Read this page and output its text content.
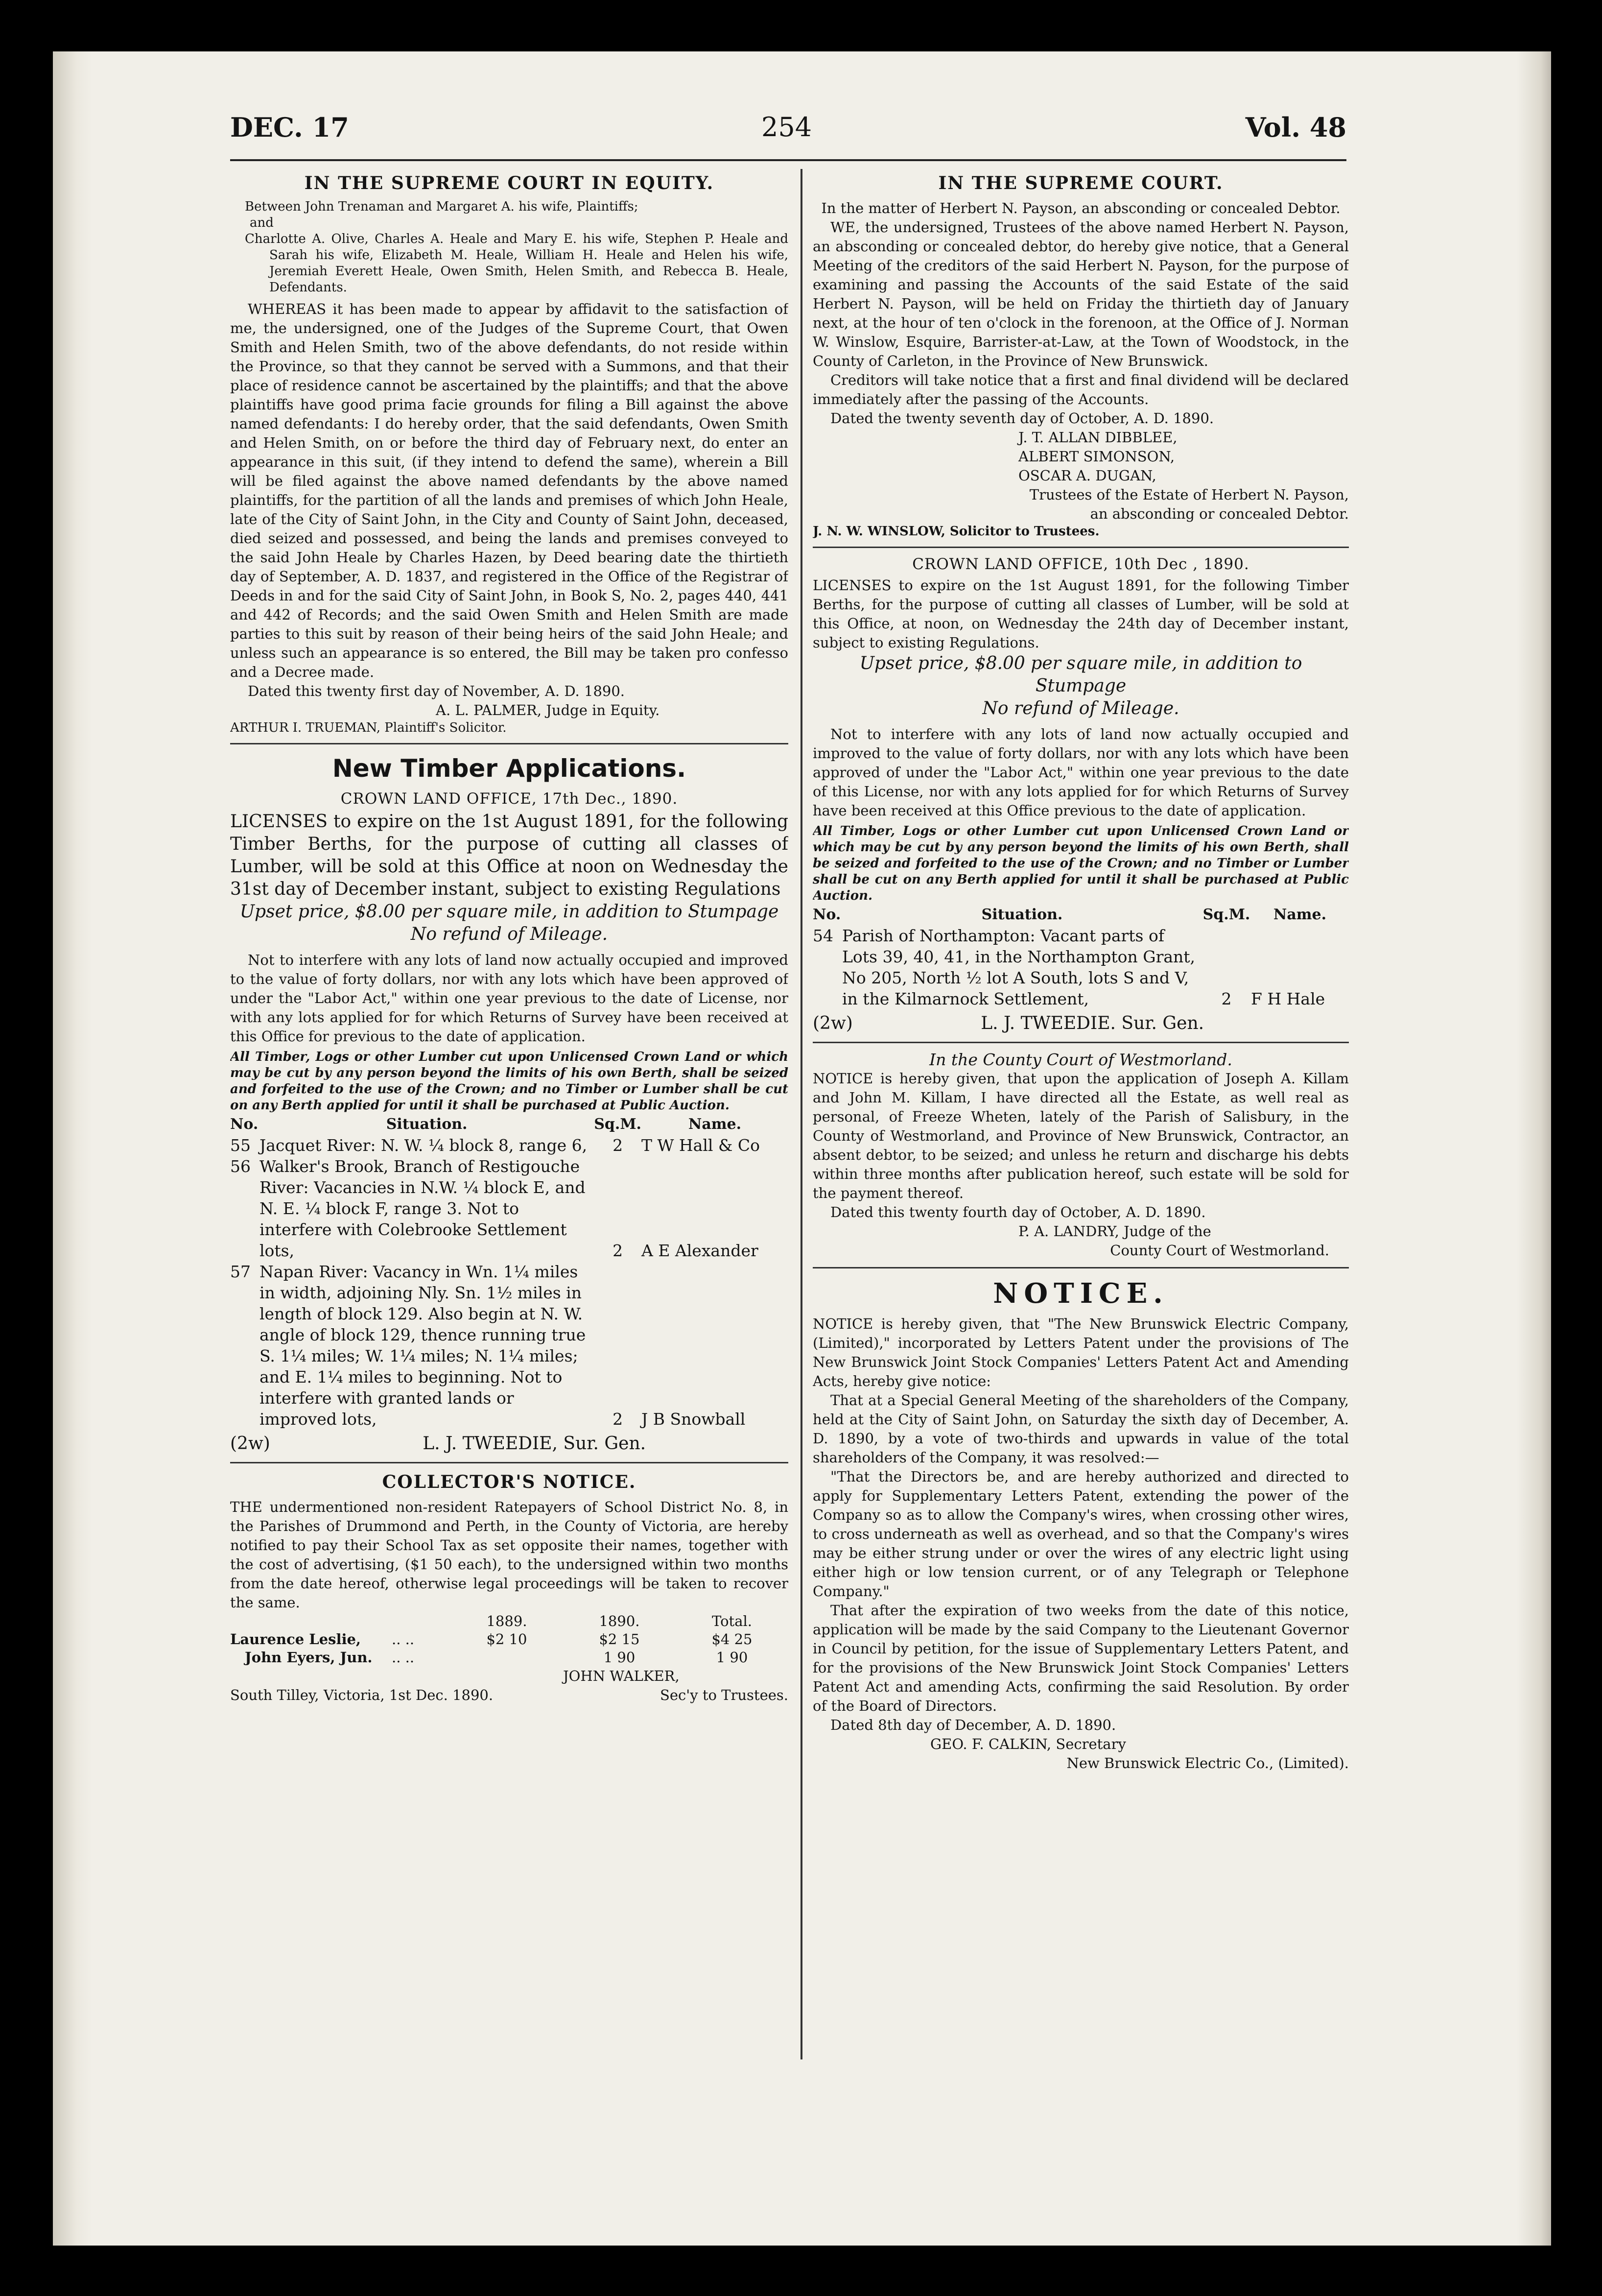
DEC. 17	254	Vol. 48
IN THE SUPREME COURT IN EQUITY.

Between John Trenaman and Margaret A. his wife, Plaintiffs;

and

Charlotte A. Olive, Charles A. Heale and Mary E. his wife, Stephen P. Heale and Sarah his wife, Elizabeth M. Heale, William H. Heale and Helen his wife, Jeremiah Everett Heale, Owen Smith, Helen Smith, and Rebecca B. Heale, Defendants.

WHEREAS it has been made to appear by affidavit to the satisfaction of me, the undersigned, one of the Judges of the Supreme Court, that Owen Smith and Helen Smith, two of the above defendants, do not reside within the Province, so that they cannot be served with a Summons, and that their place of residence cannot be ascertained by the plaintiffs; and that the above plaintiffs have good prima facie grounds for filing a Bill against the above named defendants: I do hereby order, that the said defendants, Owen Smith and Helen Smith, on or before the third day of February next, do enter an appearance in this suit, (if they intend to defend the same), wherein a Bill will be filed against the above named defendants by the above named plaintiffs, for the partition of all the lands and premises of which John Heale, late of the City of Saint John, in the City and County of Saint John, deceased, died seized and possessed, and being the lands and premises conveyed to the said John Heale by Charles Hazen, by Deed bearing date the thirtieth day of September, A. D. 1837, and registered in the Office of the Registrar of Deeds in and for the said City of Saint John, in Book S, No. 2, pages 440, 441 and 442 of Records; and the said Owen Smith and Helen Smith are made parties to this suit by reason of their being heirs of the said John Heale; and unless such an appearance is so entered, the Bill may be taken pro confesso and a Decree made.

Dated this twenty first day of November, A. D. 1890.

A. L. PALMER, Judge in Equity.

ARTHUR I. TRUEMAN, Plaintiff's Solicitor.

New Timber Applications.
CROWN LAND OFFICE, 17th Dec., 1890.

LICENSES to expire on the 1st August 1891, for the following Timber Berths, for the purpose of cutting all classes of Lumber, will be sold at this Office at noon on Wednesday the 31st day of December instant, subject to existing Regulations

Upset price, $8.00 per square mile, in addition to Stumpage

No refund of Mileage.

Not to interfere with any lots of land now actually occupied and improved to the value of forty dollars, nor with any lots which have been approved of under the "Labor Act," within one year previous to the date of License, nor with any lots applied for for which Returns of Survey have been received at this Office for previous to the date of application.

All Timber, Logs or other Lumber cut upon Unlicensed Crown Land or which may be cut by any person beyond the limits of his own Berth, shall be seized and forfeited to the use of the Crown; and no Timber or Lumber shall be cut on any Berth applied for until it shall be purchased at Public Auction.

No.	Situation.	Sq.M.	Name.
55	Jacquet River: N. W. ¼ block 8, range 6,	2	T W Hall & Co
56	Walker's Brook, Branch of Restigouche River: Vacancies in N.W. ¼ block E, and N. E. ¼ block F, range 3. Not to interfere with Colebrooke Settlement lots,	2	A E Alexander
57	Napan River: Vacancy in Wn. 1¼ miles in width, adjoining Nly. Sn. 1½ miles in length of block 129. Also begin at N. W. angle of block 129, thence running true S. 1¼ miles; W. 1¼ miles; N. 1¼ miles; and E. 1¼ miles to beginning. Not to interfere with granted lands or improved lots,	2	J B Snowball

(2w)	L. J. TWEEDIE, Sur. Gen.

COLLECTOR'S NOTICE.

THE undermentioned non-resident Ratepayers of School District No. 8, in the Parishes of Drummond and Perth, in the County of Victoria, are hereby notified to pay their School Tax as set opposite their names, together with the cost of advertising, ($1 50 each), to the undersigned within two months from the date hereof, otherwise legal proceedings will be taken to recover the same.

		1889.	1890.	Total.
Laurence Leslie,	.. ..	$2 10	$2 15	$4 25
John Eyers, Jun.	.. ..		1 90	1 90

JOHN WALKER,

South Tilley, Victoria, 1st Dec. 1890.	Sec'y to Trustees.

IN THE SUPREME COURT.

In the matter of Herbert N. Payson, an absconding or concealed Debtor.

WE, the undersigned, Trustees of the above named Herbert N. Payson, an absconding or concealed debtor, do hereby give notice, that a General Meeting of the creditors of the said Herbert N. Payson, for the purpose of examining and passing the Accounts of the said Estate of the said Herbert N. Payson, will be held on Friday the thirtieth day of January next, at the hour of ten o'clock in the forenoon, at the Office of J. Norman W. Winslow, Esquire, Barrister-at-Law, at the Town of Woodstock, in the County of Carleton, in the Province of New Brunswick.

Creditors will take notice that a first and final dividend will be declared immediately after the passing of the Accounts.

Dated the twenty seventh day of October, A. D. 1890.

J. T. ALLAN DIBBLEE,

ALBERT SIMONSON,

OSCAR A. DUGAN,

Trustees of the Estate of Herbert N. Payson,

an absconding or concealed Debtor.

J. N. W. WINSLOW, Solicitor to Trustees.

CROWN LAND OFFICE, 10th Dec , 1890.

LICENSES to expire on the 1st August 1891, for the following Timber Berths, for the purpose of cutting all classes of Lumber, will be sold at this Office, at noon, on Wednesday the 24th day of December instant, subject to existing Regulations.

Upset price, $8.00 per square mile, in addition to Stumpage

No refund of Mileage.

Not to interfere with any lots of land now actually occupied and improved to the value of forty dollars, nor with any lots which have been approved of under the "Labor Act," within one year previous to the date of this License, nor with any lots applied for for which Returns of Survey have been received at this Office previous to the date of application.

All Timber, Logs or other Lumber cut upon Unlicensed Crown Land or which may be cut by any person beyond the limits of his own Berth, shall be seized and forfeited to the use of the Crown; and no Timber or Lumber shall be cut on any Berth applied for until it shall be purchased at Public Auction.

No.	Situation.	Sq.M.	Name.
54	Parish of Northampton: Vacant parts of Lots 39, 40, 41, in the Northampton Grant, No 205, North ½ lot A South, lots S and V, in the Kilmarnock Settlement,	2	F H Hale

(2w)	L. J. TWEEDIE. Sur. Gen.

In the County Court of Westmorland.

NOTICE is hereby given, that upon the application of Joseph A. Killam and John M. Killam, I have directed all the Estate, as well real as personal, of Freeze Wheten, lately of the Parish of Salisbury, in the County of Westmorland, and Province of New Brunswick, Contractor, an absent debtor, to be seized; and unless he return and discharge his debts within three months after publication hereof, such estate will be sold for the payment thereof.

Dated this twenty fourth day of October, A. D. 1890.

P. A. LANDRY, Judge of the

County Court of Westmorland.

NOTICE.

NOTICE is hereby given, that "The New Brunswick Electric Company, (Limited)," incorporated by Letters Patent under the provisions of The New Brunswick Joint Stock Companies' Letters Patent Act and Amending Acts, hereby give notice:

That at a Special General Meeting of the shareholders of the Company, held at the City of Saint John, on Saturday the sixth day of December, A. D. 1890, by a vote of two-thirds and upwards in value of the total shareholders of the Company, it was resolved:—

"That the Directors be, and are hereby authorized and directed to apply for Supplementary Letters Patent, extending the power of the Company so as to allow the Company's wires, when crossing other wires, to cross underneath as well as overhead, and so that the Company's wires may be either strung under or over the wires of any electric light using either high or low tension current, or of any Telegraph or Telephone Company."

That after the expiration of two weeks from the date of this notice, application will be made by the said Company to the Lieutenant Governor in Council by petition, for the issue of Supplementary Letters Patent, and for the provisions of the New Brunswick Joint Stock Companies' Letters Patent Act and amending Acts, confirming the said Resolution. By order of the Board of Directors.

Dated 8th day of December, A. D. 1890.

GEO. F. CALKIN, Secretary

New Brunswick Electric Co., (Limited).
